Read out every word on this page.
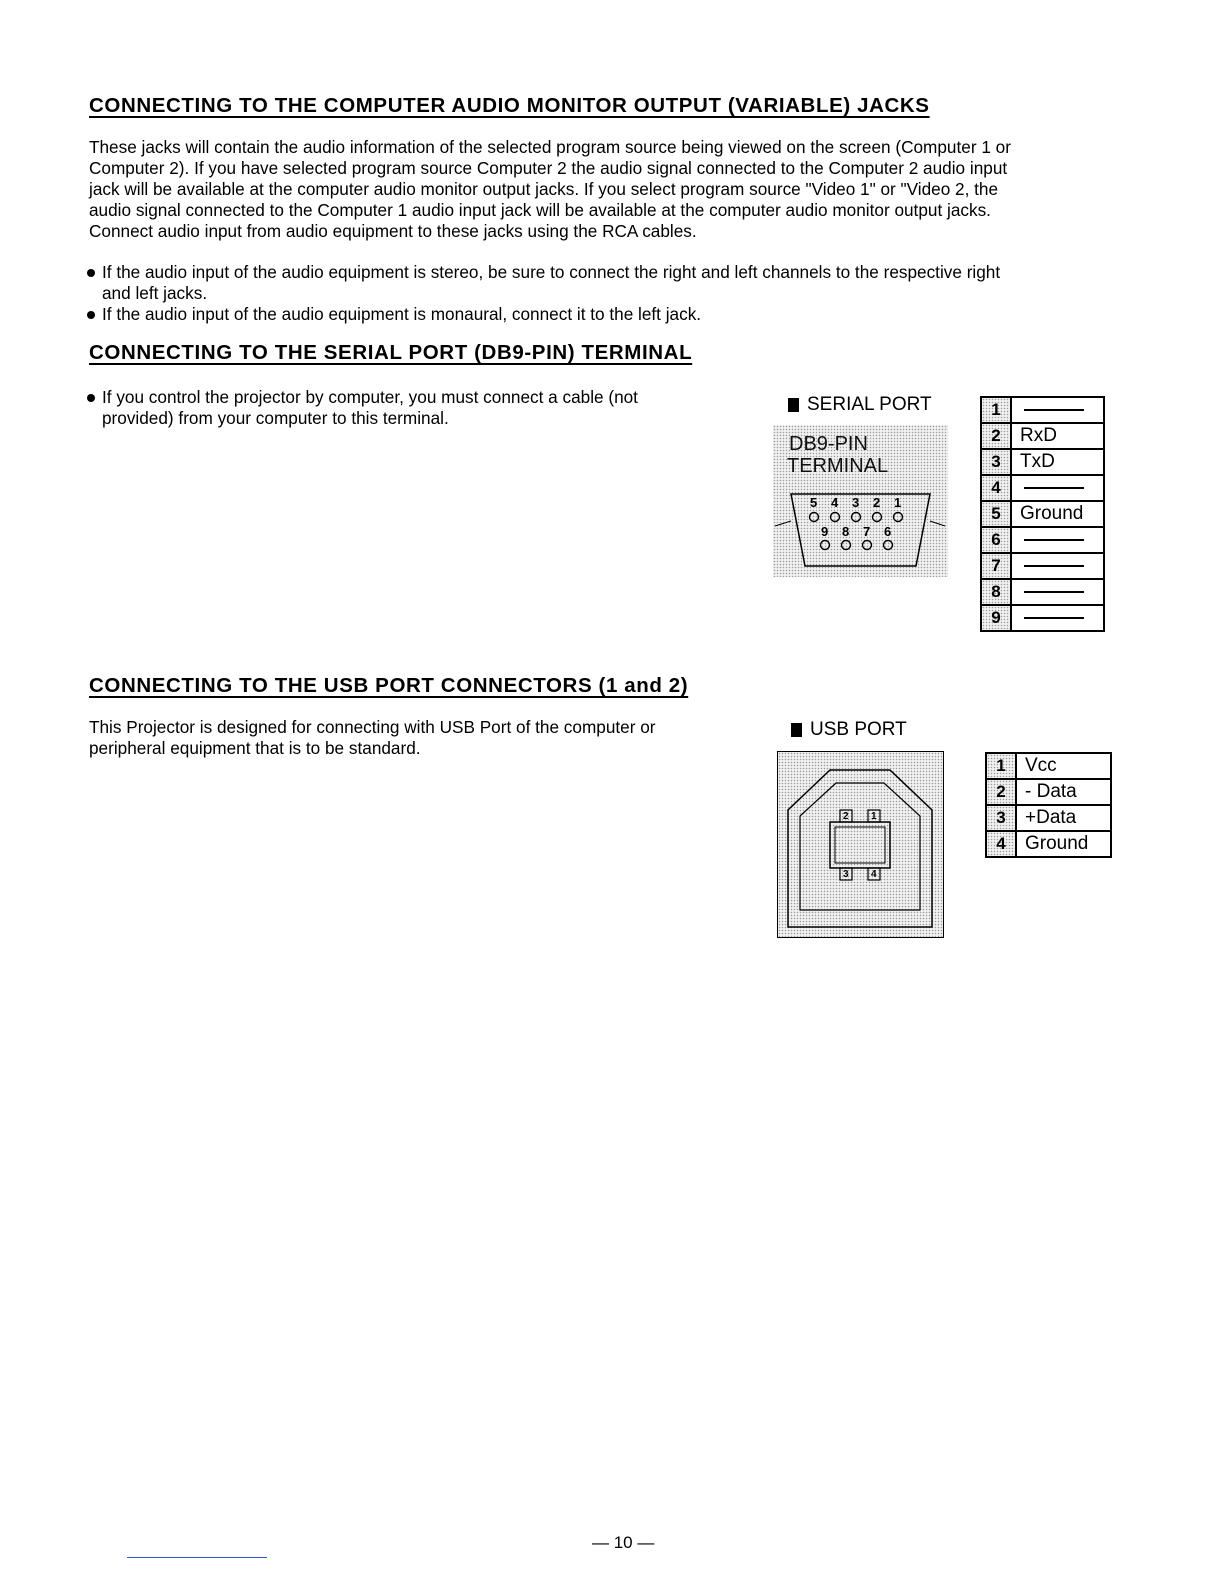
CONNECTING TO THE COMPUTER AUDIO MONITOR OUTPUT (VARIABLE) JACKS
These jacks will contain the audio information of the selected program source being viewed on the screen (Computer 1 or
Computer 2). If you have selected program source Computer 2 the audio signal connected to the Computer 2 audio input
jack will be available at the computer audio monitor output jacks. If you select program source "Video 1" or "Video 2, the
audio signal connected to the Computer 1 audio input jack will be available at the computer audio monitor output jacks.
Connect audio input from audio equipment to these jacks using the RCA cables.
If the audio input of the audio equipment is stereo, be sure to connect the right and left channels to the respective right
and left jacks.
If the audio input of the audio equipment is monaural, connect it to the left jack.
CONNECTING TO THE SERIAL PORT (DB9-PIN) TERMINAL
If you control the projector by computer, you must connect a cable (not
provided) from your computer to this terminal.
SERIAL PORT
DB9-PIN
TERMINAL
5 4 3 2 1
9 8 7 6
1	
2	RxD
3	TxD
4	
5	Ground
6	
7	
8	
9	
CONNECTING TO THE USB PORT CONNECTORS (1 and 2)
This Projector is designed for connecting with USB Port of the computer or
peripheral equipment that is to be standard.
USB PORT
2 1
3 4
1	Vcc
2	- Data
3	+Data
4	Ground
— 10 —
